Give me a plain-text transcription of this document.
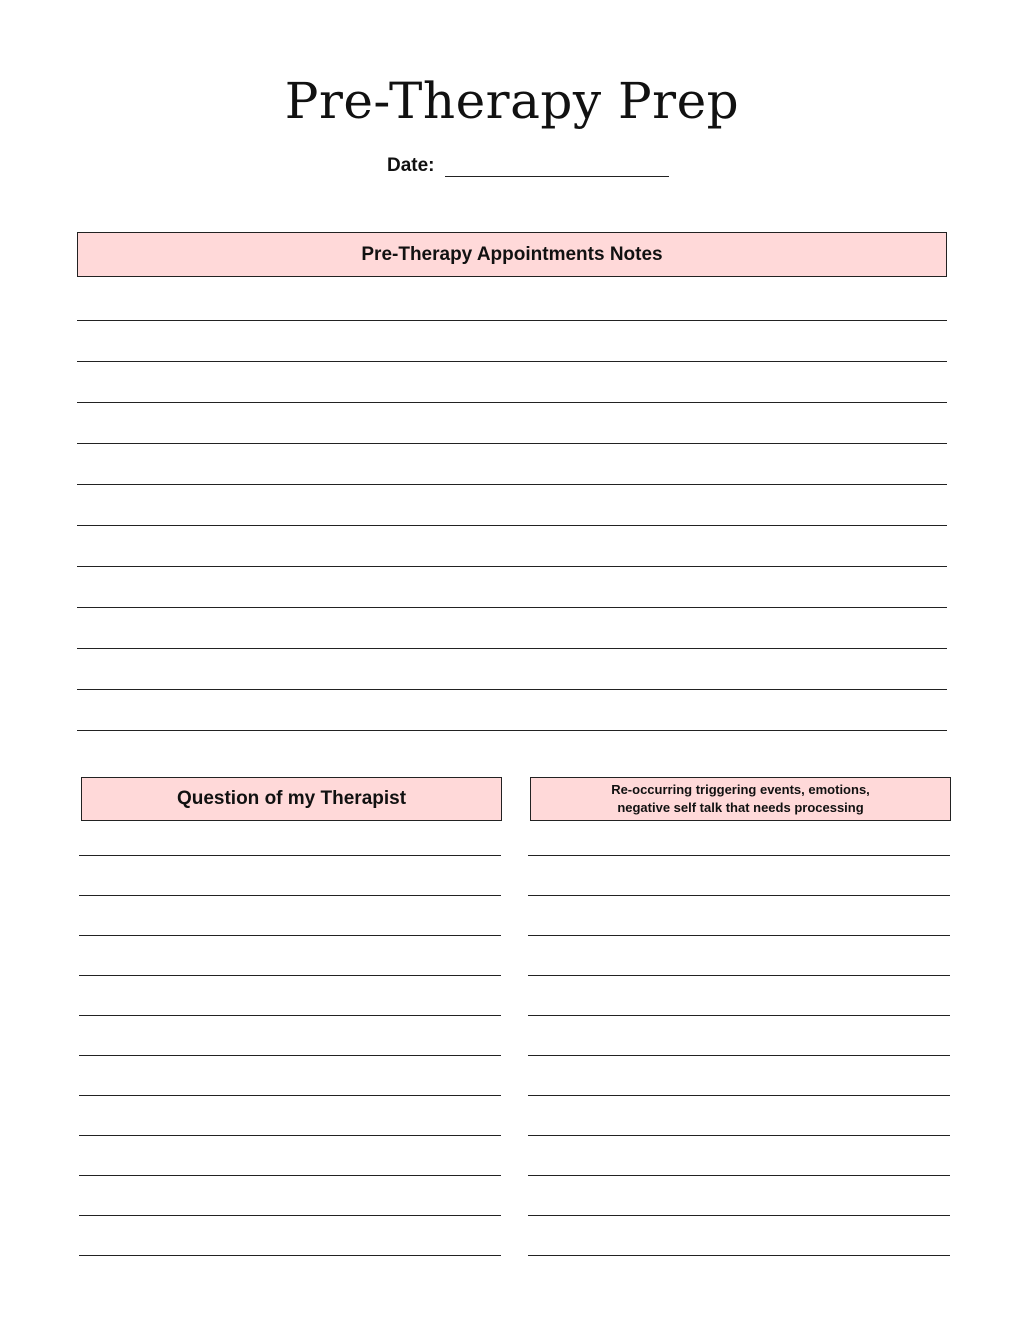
Pre-Therapy Prep
Date:
Pre-Therapy Appointments Notes
Question of my Therapist	Re-occurring triggering events, emotions,
negative self talk that needs processing
